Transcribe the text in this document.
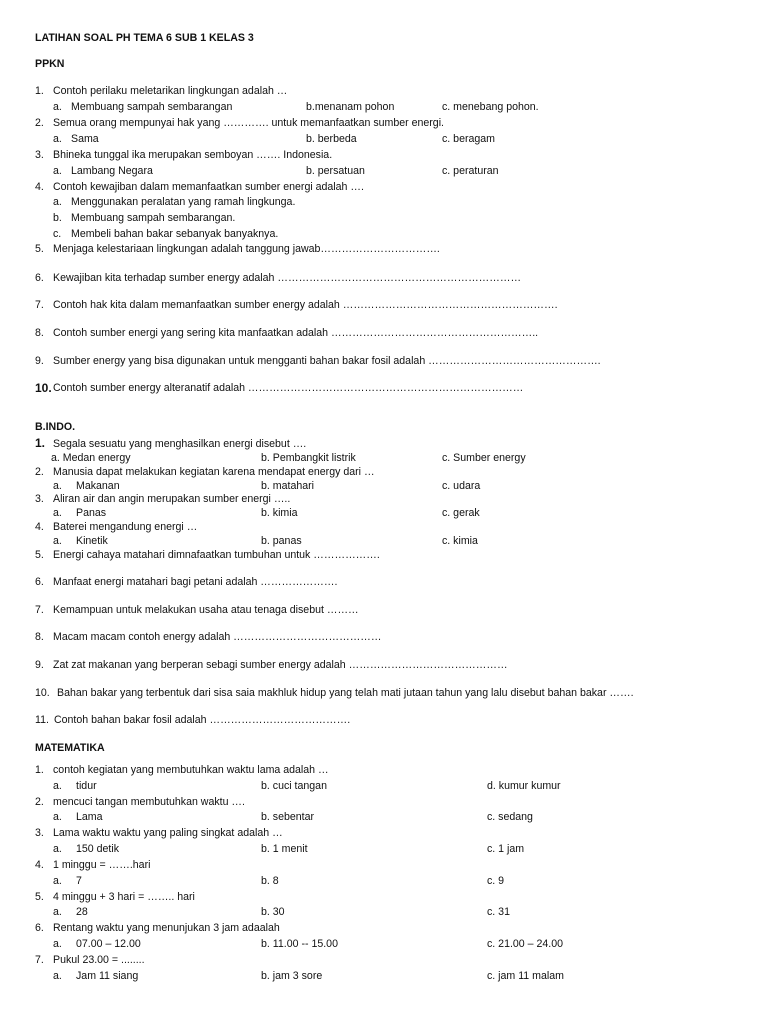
LATIHAN SOAL PH TEMA 6 SUB 1 KELAS 3
PPKN
1. Contoh perilaku meletarikan lingkungan adalah …
a. Membuang sampah sembarangan	b.menanam pohon	c. menebang pohon.
2. Semua orang mempunyai hak yang …………. untuk memanfaatkan sumber energi.
a. Sama	b. berbeda	c. beragam
3. Bhineka tunggal ika merupakan semboyan ……. Indonesia.
a. Lambang Negara	b. persatuan	c. peraturan
4. Contoh kewajiban dalam memanfaatkan sumber energi adalah ….
a. Menggunakan peralatan yang ramah lingkunga.
b. Membuang sampah sembarangan.
c. Membeli bahan bakar sebanyak banyaknya.
5. Menjaga kelestariaan lingkungan adalah tanggung jawab…………………………….
6. Kewajiban kita terhadap sumber energy adalah ……………………………………………………………
7. Contoh hak kita dalam memanfaatkan sumber energy adalah …………………………………………………….
8. Contoh sumber energi yang sering kita manfaatkan adalah …………………………………………………..
9. Sumber energy yang bisa digunakan untuk mengganti bahan bakar fosil adalah ………………………………………….
10. Contoh sumber energy alteranatif adalah ……………………………………………………………………
B.INDO.
1. Segala sesuatu yang menghasilkan energi disebut ….
a. Medan energy	b. Pembangkit listrik	c. Sumber energy
2. Manusia dapat melakukan kegiatan karena mendapat energy dari …
a. Makanan	b. matahari	c. udara
3. Aliran air dan angin merupakan sumber energi …..
a. Panas	b. kimia	c. gerak
4. Baterei mengandung energi …
a. Kinetik	b. panas	c. kimia
5. Energi cahaya matahari dimnafaatkan tumbuhan untuk ……………….
6. Manfaat energi matahari bagi petani adalah ………………….
7. Kemampuan untuk melakukan usaha atau tenaga disebut ………
8. Macam macam contoh energy adalah ……………………………………
9. Zat zat makanan yang berperan sebagi sumber energy adalah ………………………………………
10. Bahan bakar yang terbentuk dari sisa saia makhluk hidup yang telah mati jutaan tahun yang lalu disebut bahan bakar …….
11. Contoh bahan bakar fosil adalah ………………………………….
MATEMATIKA
1. contoh kegiatan yang membutuhkan waktu lama adalah …
a. tidur	b. cuci tangan	d. kumur kumur
2. mencuci tangan membutuhkan waktu ….
a. Lama	b. sebentar	c. sedang
3. Lama waktu waktu yang paling singkat adalah …
a. 150 detik	b. 1 menit	c. 1 jam
4. 1 minggu = …….hari
a. 7	b. 8	c. 9
5. 4 minggu + 3 hari = …….. hari
a. 28	b. 30	c. 31
6. Rentang waktu yang menunjukan 3 jam adaalah
a. 07.00 – 12.00	b. 11.00 -- 15.00	c. 21.00 – 24.00
7. Pukul 23.00 = ........
a. Jam 11 siang	b. jam 3 sore	c. jam 11 malam
